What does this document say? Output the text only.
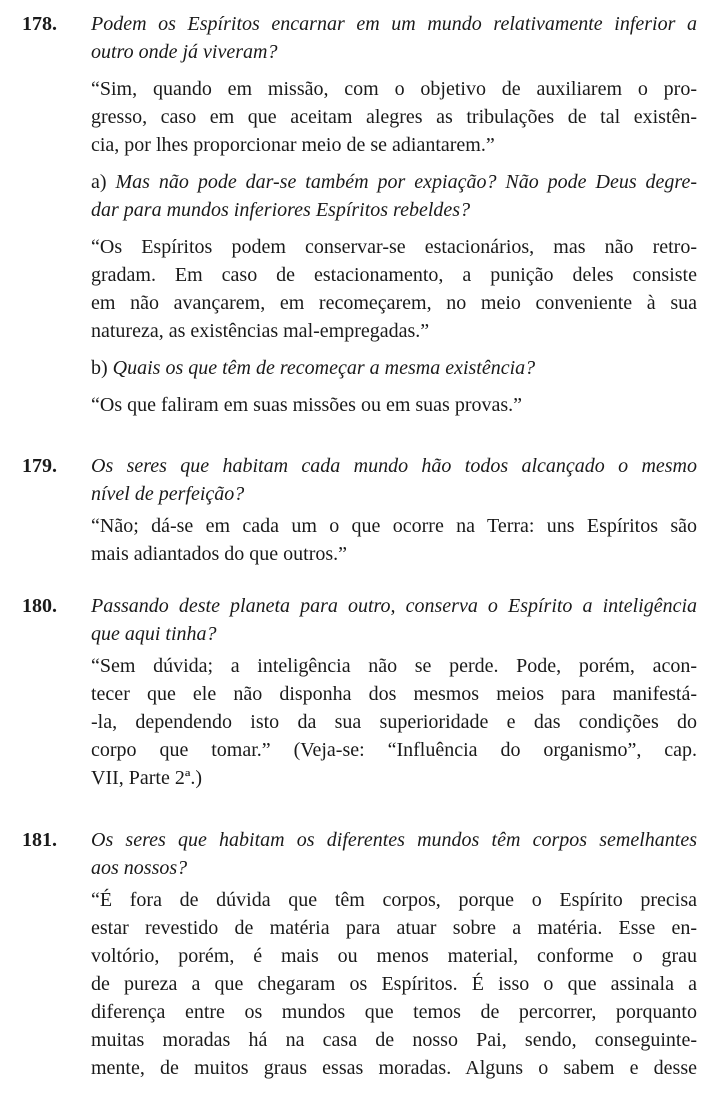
178. Podem os Espíritos encarnar em um mundo relativamente inferior a
outro onde já viveram?
“Sim, quando em missão, com o objetivo de auxiliarem o pro-
gresso, caso em que aceitam alegres as tribulações de tal existên-
cia, por lhes proporcionar meio de se adiantarem.”
a) Mas não pode dar-se também por expiação? Não pode Deus degre-
dar para mundos inferiores Espíritos rebeldes?
“Os Espíritos podem conservar-se estacionários, mas não retro-
gradam. Em caso de estacionamento, a punição deles consiste
em não avançarem, em recomeçarem, no meio conveniente à sua
natureza, as existências mal-empregadas.”
b) Quais os que têm de recomeçar a mesma existência?
“Os que faliram em suas missões ou em suas provas.”
179. Os seres que habitam cada mundo hão todos alcançado o mesmo
nível de perfeição?
“Não; dá-se em cada um o que ocorre na Terra: uns Espíritos são
mais adiantados do que outros.”
180. Passando deste planeta para outro, conserva o Espírito a inteligência
que aqui tinha?
“Sem dúvida; a inteligência não se perde. Pode, porém, acon-
tecer que ele não disponha dos mesmos meios para manifestá-
-la, dependendo isto da sua superioridade e das condições do
corpo que tomar.” (Veja-se: “Influência do organismo”, cap.
VII, Parte 2ª.)
181. Os seres que habitam os diferentes mundos têm corpos semelhantes
aos nossos?
“É fora de dúvida que têm corpos, porque o Espírito precisa
estar revestido de matéria para atuar sobre a matéria. Esse en-
voltório, porém, é mais ou menos material, conforme o grau
de pureza a que chegaram os Espíritos. É isso o que assinala a
diferença entre os mundos que temos de percorrer, porquanto
muitas moradas há na casa de nosso Pai, sendo, conseguinte-
mente, de muitos graus essas moradas. Alguns o sabem e desse
